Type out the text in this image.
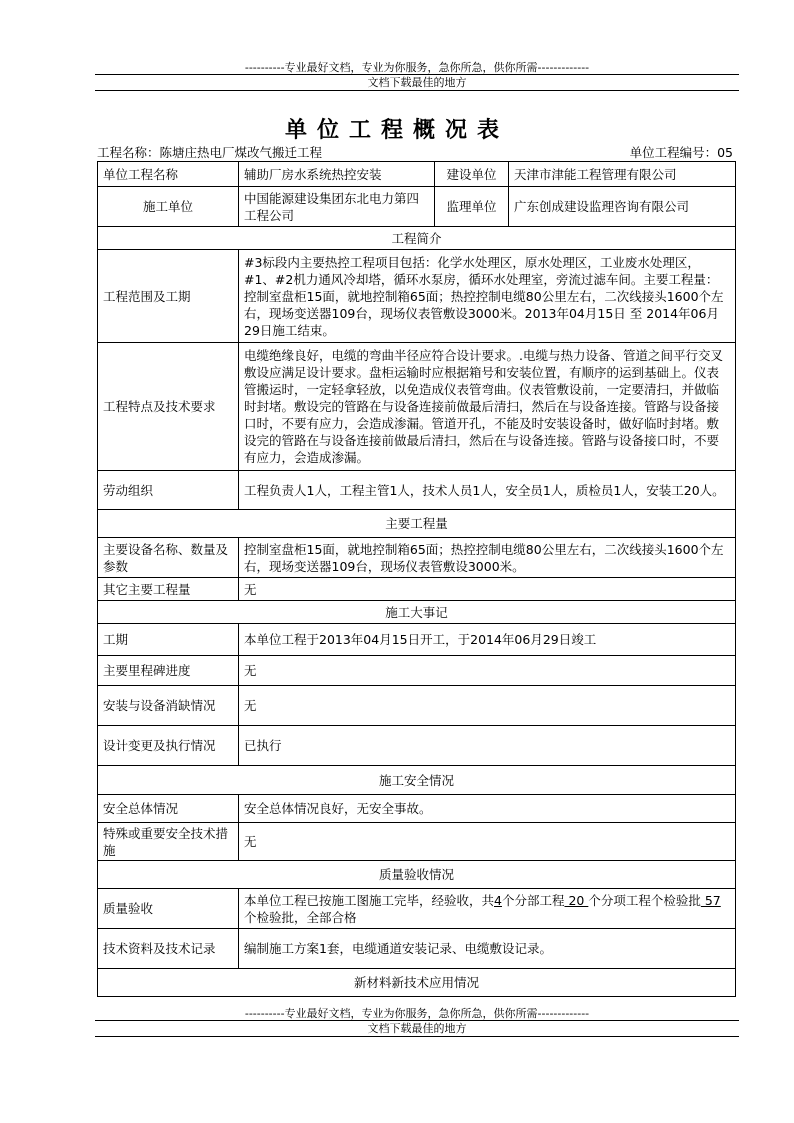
----------专业最好文档，专业为你服务，急你所急，供你所需-------------
文档下载最佳的地方
单位工程概况表
工程名称：陈塘庄热电厂煤改气搬迁工程	单位工程编号：05
单位工程名称	辅助厂房水系统热控安装	建设单位	天津市津能工程管理有限公司
施工单位	中国能源建设集团东北电力第四工程公司	监理单位	广东创成建设监理咨询有限公司
工程简介			
工程范围及工期	#3标段内主要热控工程项目包括：化学水处理区，原水处理区，工业废水处理区，#1、#2机力通风冷却塔，循环水泵房，循环水处理室，旁流过滤车间。主要工程量：控制室盘柜15面，就地控制箱65面；热控控制电缆80公里左右，二次线接头1600个左右，现场变送器109台，现场仪表管敷设3000米。2013年04月15日 至 2014年06月29日施工结束。		
工程特点及技术要求	电缆绝缘良好，电缆的弯曲半径应符合设计要求。.电缆与热力设备、管道之间平行交叉敷设应满足设计要求。盘柜运输时应根据箱号和安装位置，有顺序的运到基础上。仪表管搬运时，一定轻拿轻放，以免造成仪表管弯曲。仪表管敷设前，一定要清扫，并做临时封堵。敷设完的管路在与设备连接前做最后清扫，然后在与设备连接。管路与设备接口时，不要有应力，会造成渗漏。管道开孔，不能及时安装设备时，做好临时封堵。敷设完的管路在与设备连接前做最后清扫，然后在与设备连接。管路与设备接口时，不要有应力，会造成渗漏。		
劳动组织	工程负责人1人，工程主管1人，技术人员1人，安全员1人，质检员1人，安装工20人。		
主要工程量			
主要设备名称、数量及参数	控制室盘柜15面，就地控制箱65面；热控控制电缆80公里左右，二次线接头1600个左右，现场变送器109台，现场仪表管敷设3000米。		
其它主要工程量	无		
施工大事记			
工期	本单位工程于2013年04月15日开工，于2014年06月29日竣工		
主要里程碑进度	无		
安装与设备消缺情况	无		
设计变更及执行情况	已执行		
施工安全情况			
安全总体情况	安全总体情况良好，无安全事故。		
特殊或重要安全技术措施	无		
质量验收情况			
质量验收	本单位工程已按施工图施工完毕，经验收，共4个分部工程 20 个分项工程个检验批 57 个检验批，全部合格		
技术资料及技术记录	编制施工方案1套，电缆通道安装记录、电缆敷设记录。		
新材料新技术应用情况			
----------专业最好文档，专业为你服务，急你所急，供你所需-------------
文档下载最佳的地方
